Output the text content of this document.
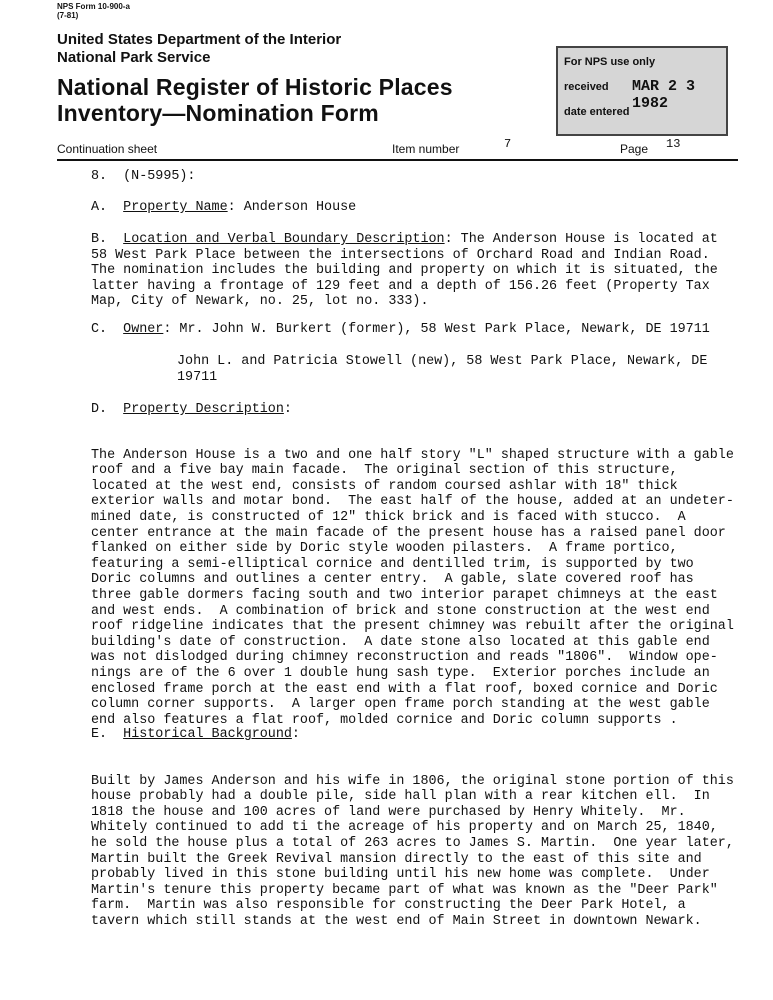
NPS Form 10-900-a
(7-81)
United States Department of the Interior
National Park Service
National Register of Historic Places
Inventory—Nomination Form
For NPS use only
received MAR 2 3 1982
date entered
Continuation sheet	Item number	7	Page 13
8.  (N-5995):
A. Property Name: Anderson House
B. Location and Verbal Boundary Description: The Anderson House is located at
58 West Park Place between the intersections of Orchard Road and Indian Road.
The nomination includes the building and property on which it is situated, the
latter having a frontage of 129 feet and a depth of 156.26 feet (Property Tax
Map, City of Newark, no. 25, lot no. 333).
C. Owner: Mr. John W. Burkert (former), 58 West Park Place, Newark, DE 19711
John L. and Patricia Stowell (new), 58 West Park Place, Newark, DE
19711
D. Property Description:

The Anderson House is a two and one half story "L" shaped structure with a gable
roof and a five bay main facade.  The original section of this structure,
located at the west end, consists of random coursed ashlar with 18" thick
exterior walls and motar bond.  The east half of the house, added at an undeter-
mined date, is constructed of 12" thick brick and is faced with stucco.  A
center entrance at the main facade of the present house has a raised panel door
flanked on either side by Doric style wooden pilasters.  A frame portico,
featuring a semi-elliptical cornice and dentilled trim, is supported by two
Doric columns and outlines a center entry.  A gable, slate covered roof has
three gable dormers facing south and two interior parapet chimneys at the east
and west ends.  A combination of brick and stone construction at the west end
roof ridgeline indicates that the present chimney was rebuilt after the original
building's date of construction.  A date stone also located at this gable end
was not dislodged during chimney reconstruction and reads "1806".  Window ope-
nings are of the 6 over 1 double hung sash type.  Exterior porches include an
enclosed frame porch at the east end with a flat roof, boxed cornice and Doric
column corner supports.  A larger open frame porch standing at the west gable
end also features a flat roof, molded cornice and Doric column supports .

E. Historical Background:

Built by James Anderson and his wife in 1806, the original stone portion of this
house probably had a double pile, side hall plan with a rear kitchen ell.  In
1818 the house and 100 acres of land were purchased by Henry Whitely.  Mr.
Whitely continued to add ti the acreage of his property and on March 25, 1840,
he sold the house plus a total of 263 acres to James S. Martin.  One year later,
Martin built the Greek Revival mansion directly to the east of this site and
probably lived in this stone building until his new home was complete.  Under
Martin's tenure this property became part of what was known as the "Deer Park"
farm.  Martin was also responsible for constructing the Deer Park Hotel, a
tavern which still stands at the west end of Main Street in downtown Newark.
